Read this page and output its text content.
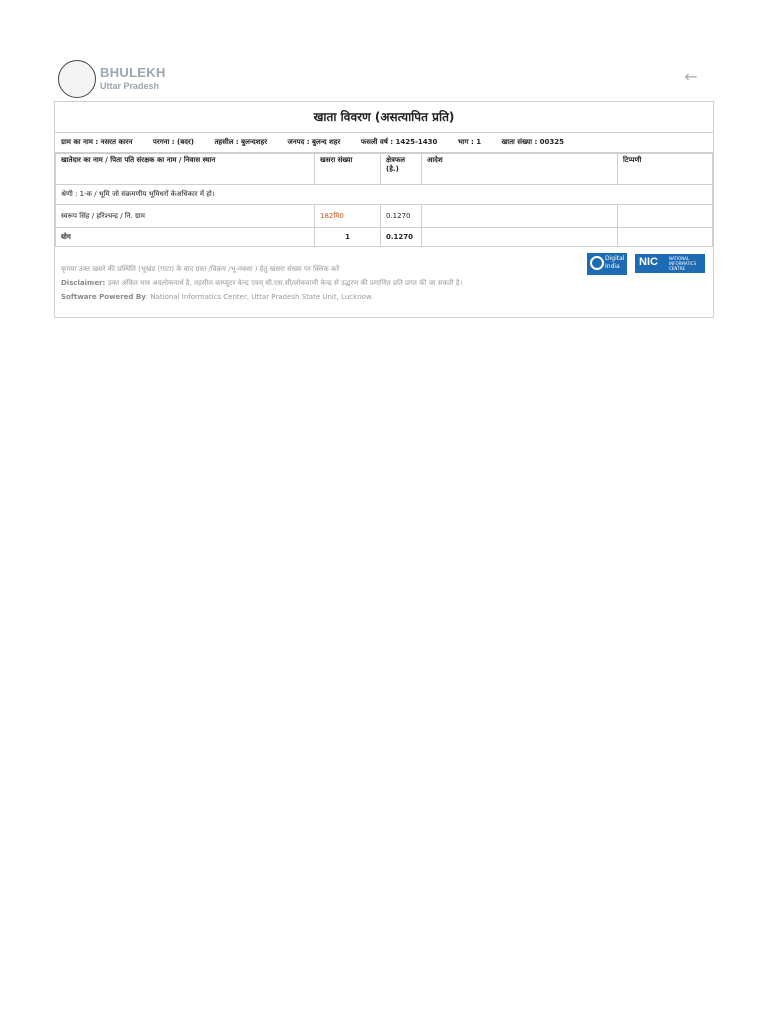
BHULEKH
Uttar Pradesh	←
खाता विवरण (असत्यापित प्रति)
ग्राम का नाम : नसरत कारन	परगना : (बदर)	तहसील : बुलन्दशहर	जनपद : बुलन्द शहर	फसली वर्ष : 1425-1430	भाग : 1	खाता संख्या : 00325
खातेदार का नाम / पिता पति संरक्षक का नाम / निवास स्थान	खसरा संख्या	क्षेत्रफल (हे.)	आदेश	टिप्पणी
श्रेणी : 1-क / भूमि जो संक्रमणीय भूमिधरों केअधिकार में हो।				
स्वरूप सिंह / हरिश्चन्द्र / नि. ग्राम	182मि0	0.1270		
योग	1	0.1270		
कृपया उक्त खसरे की प्रस्थिति (भूखंड (गाटा) के बाद ग्रस्त /विक्रय /भू-नक्शा ) हेतु खसरा संख्या पर क्लिक करें
Disclaimer: उक्त अंकित मात्र अवलोकनार्थ है, तहसील कम्प्यूटर केन्द्र एवम् सी.एस.सी/लोकवाणी केन्द्र से उद्धरण की प्रमाणित प्रति प्राप्त की जा सकती है।
Software Powered By: National Informatics Center, Uttar Pradesh State Unit, Lucknow.
Digital India	NIC	NATIONAL INFORMATICS CENTRE
